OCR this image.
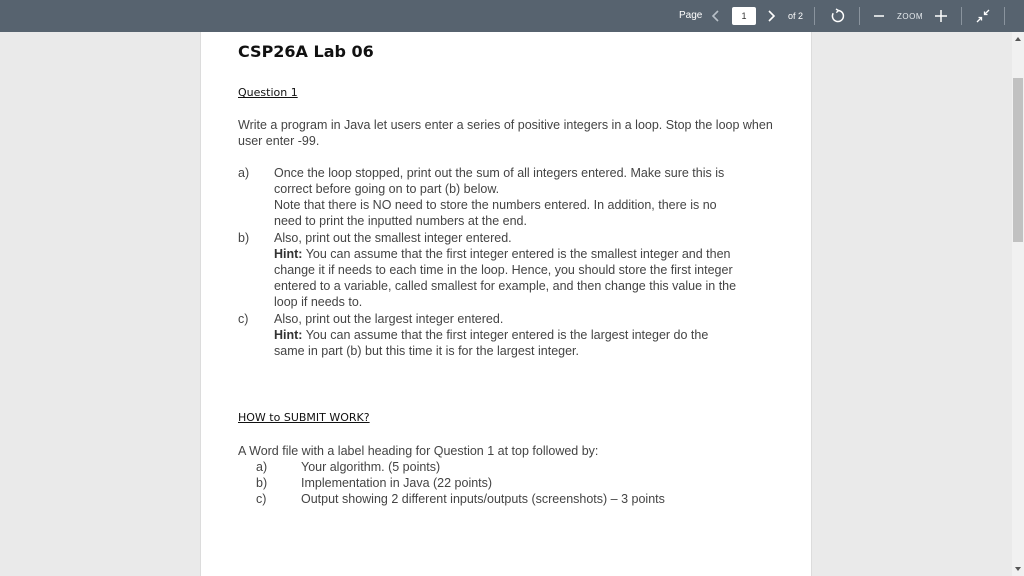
Page
1	of 2	ZOOM
CSP26A Lab 06
Question 1
Write a program in Java let users enter a series of positive integers in a loop. Stop the loop when user enter -99.
a) Once the loop stopped, print out the sum of all integers entered. Make sure this is
correct before going on to part (b) below.
Note that there is NO need to store the numbers entered. In addition, there is no
need to print the inputted numbers at the end.
b) Also, print out the smallest integer entered.
Hint: You can assume that the first integer entered is the smallest integer and then
change it if needs to each time in the loop. Hence, you should store the first integer
entered to a variable, called smallest for example, and then change this value in the
loop if needs to.
c) Also, print out the largest integer entered.
Hint: You can assume that the first integer entered is the largest integer do the
same in part (b) but this time it is for the largest integer.
HOW to SUBMIT WORK?
A Word file with a label heading for Question 1 at top followed by:
a)	Your algorithm. (5 points)
b)	Implementation in Java (22 points)
c)	Output showing 2 different inputs/outputs (screenshots) – 3 points
